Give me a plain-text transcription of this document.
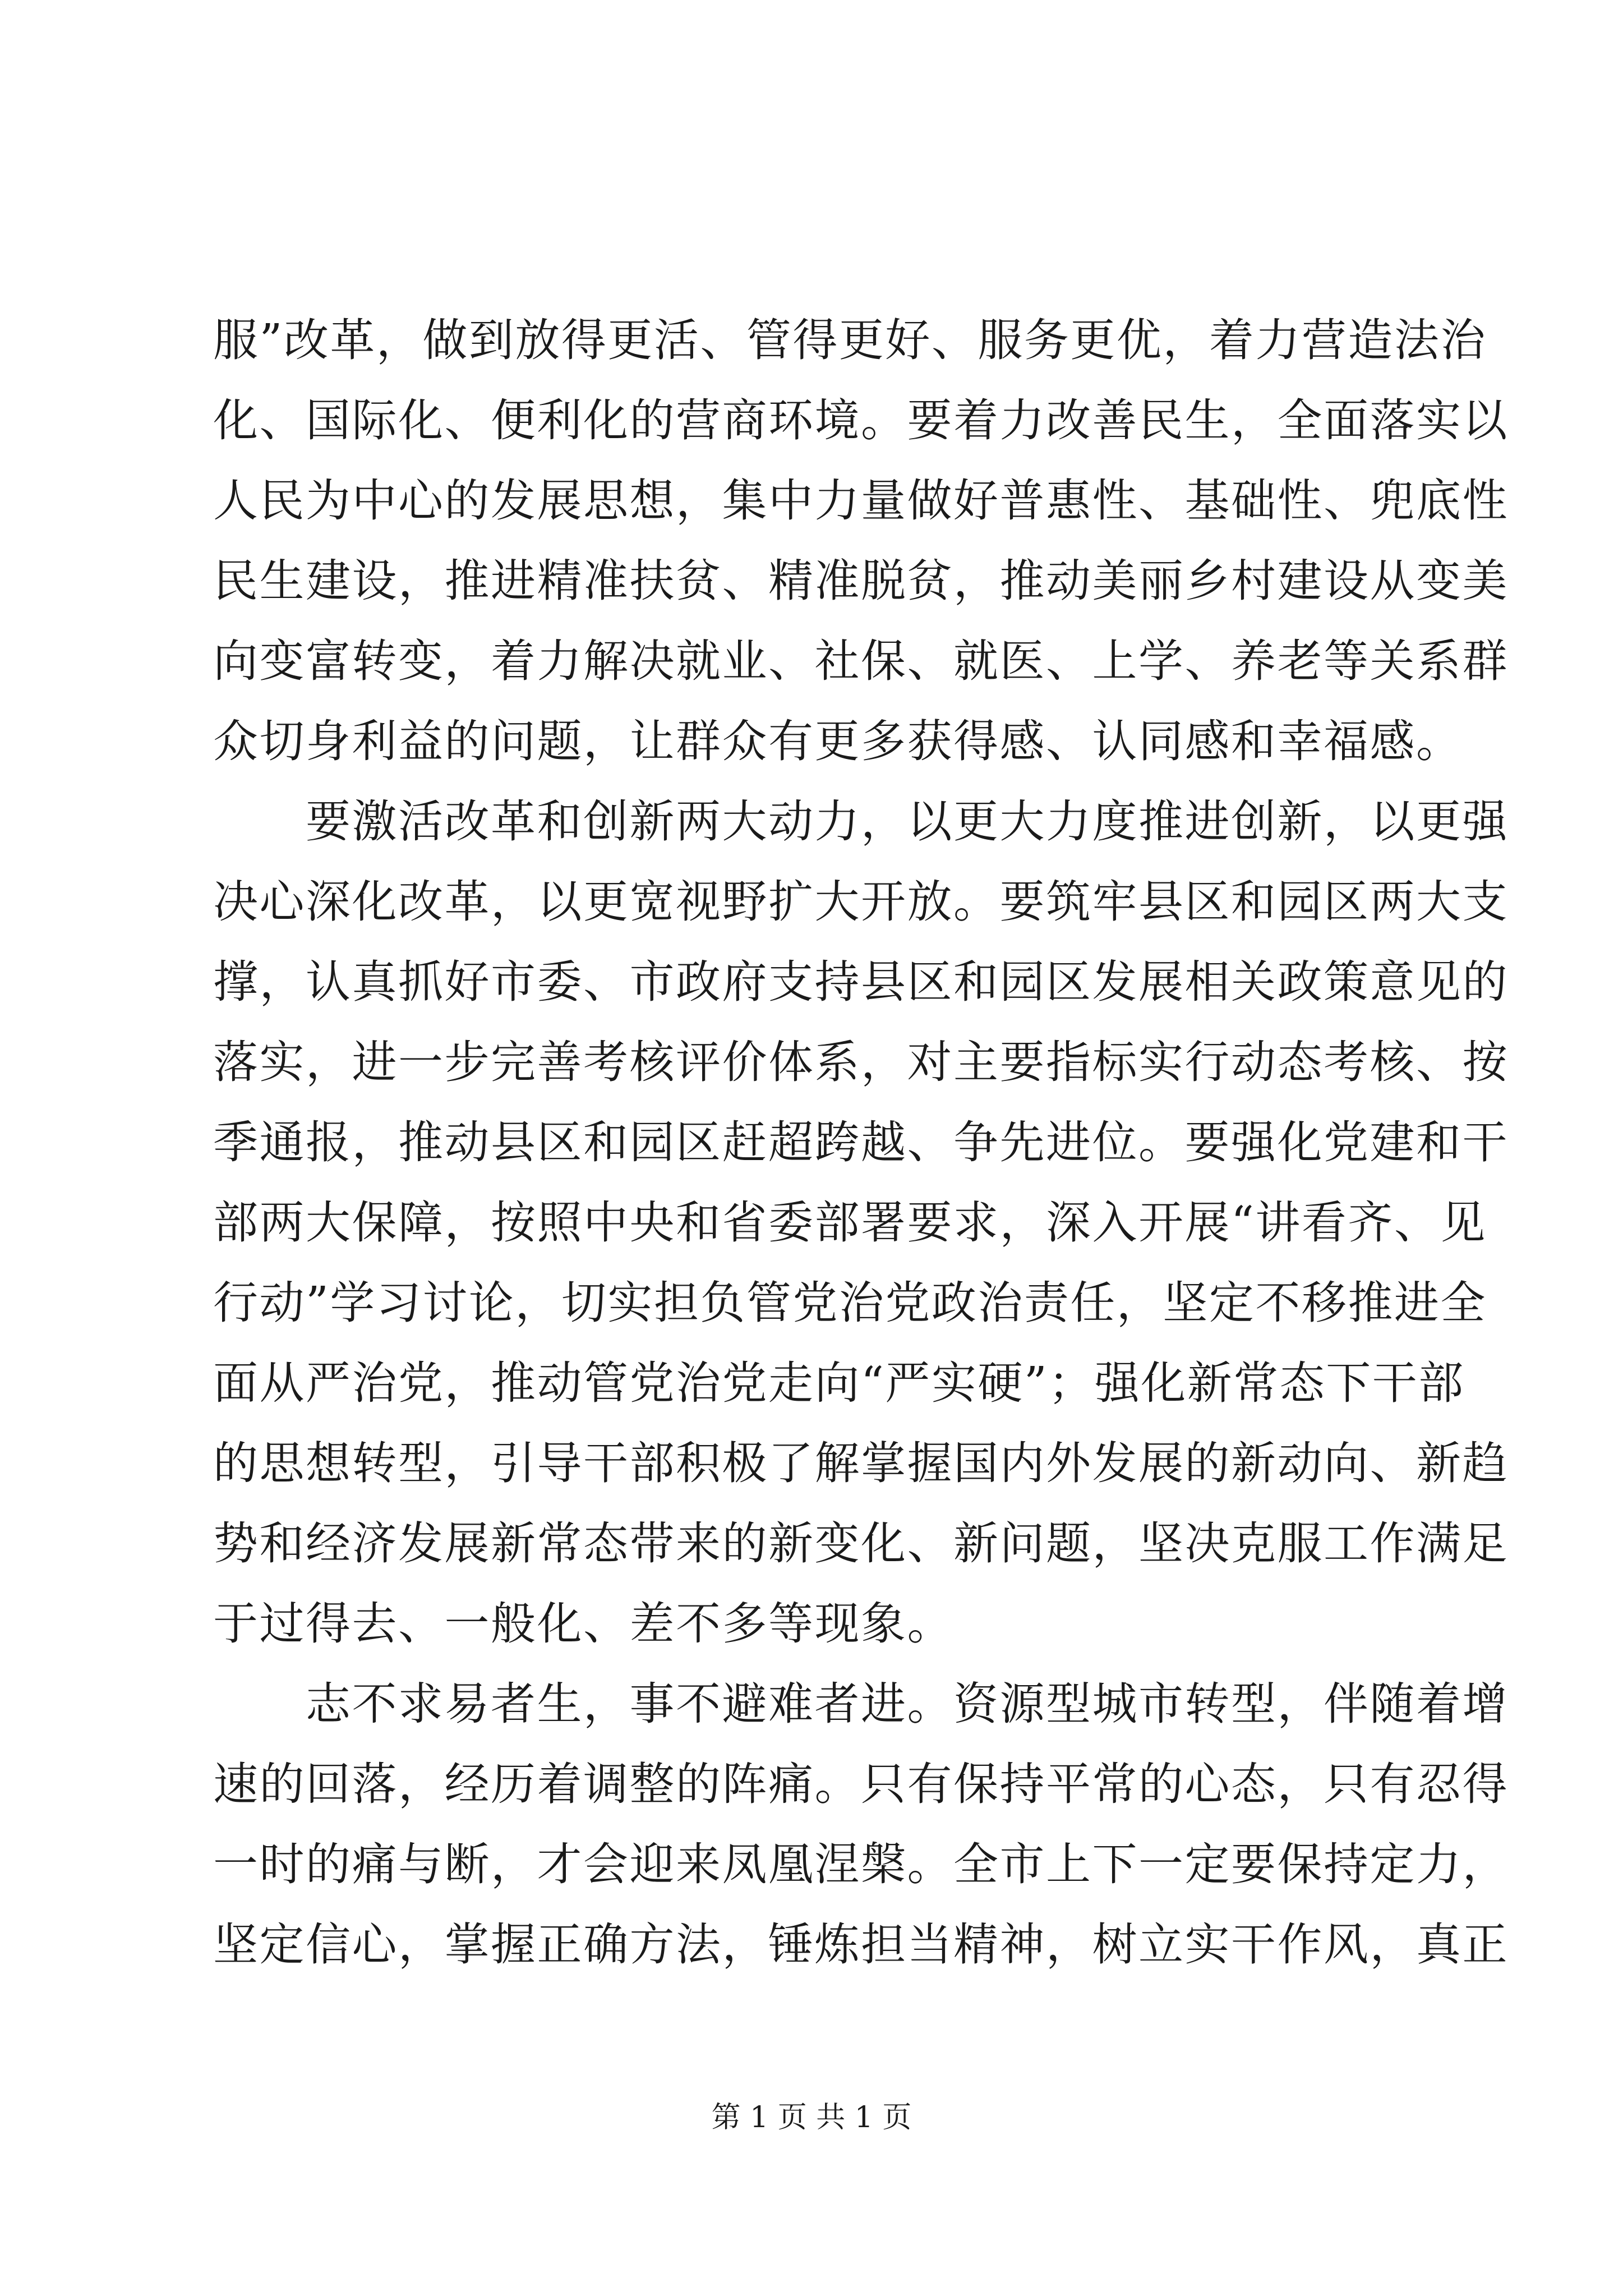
服”改革，做到放得更活、管得更好、服务更优，着力营造法治
化、国际化、便利化的营商环境。要着力改善民生，全面落实以
人民为中心的发展思想，集中力量做好普惠性、基础性、兜底性
民生建设，推进精准扶贫、精准脱贫，推动美丽乡村建设从变美
向变富转变，着力解决就业、社保、就医、上学、养老等关系群
众切身利益的问题，让群众有更多获得感、认同感和幸福感。
要激活改革和创新两大动力，以更大力度推进创新，以更强
决心深化改革，以更宽视野扩大开放。要筑牢县区和园区两大支
撑，认真抓好市委、市政府支持县区和园区发展相关政策意见的
落实，进一步完善考核评价体系，对主要指标实行动态考核、按
季通报，推动县区和园区赶超跨越、争先进位。要强化党建和干
部两大保障，按照中央和省委部署要求，深入开展“讲看齐、见
行动”学习讨论，切实担负管党治党政治责任，坚定不移推进全
面从严治党，推动管党治党走向“严实硬”；强化新常态下干部
的思想转型，引导干部积极了解掌握国内外发展的新动向、新趋
势和经济发展新常态带来的新变化、新问题，坚决克服工作满足
于过得去、一般化、差不多等现象。
志不求易者生，事不避难者进。资源型城市转型，伴随着增
速的回落，经历着调整的阵痛。只有保持平常的心态，只有忍得
一时的痛与断，才会迎来凤凰涅槃。全市上下一定要保持定力，
坚定信心，掌握正确方法，锤炼担当精神，树立实干作风，真正
第 1 页 共 1 页
